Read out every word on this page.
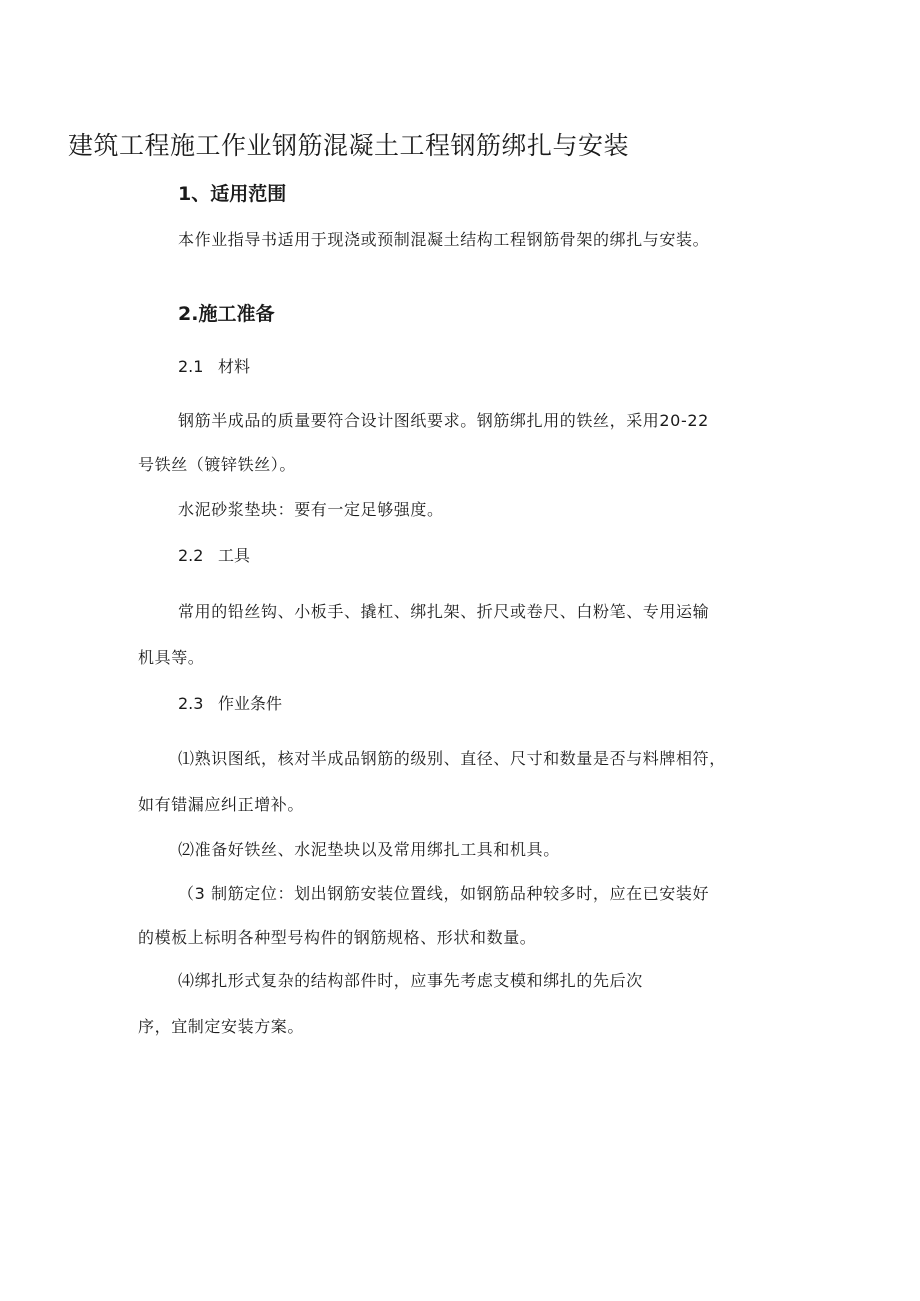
建筑工程施工作业钢筋混凝土工程钢筋绑扎与安装
1、适用范围
本作业指导书适用于现浇或预制混凝土结构工程钢筋骨架的绑扎与安装。
2.施工准备
2.1 材料
钢筋半成品的质量要符合设计图纸要求。钢筋绑扎用的铁丝，采用20-22
号铁丝（镀锌铁丝）。
水泥砂浆垫块：要有一定足够强度。
2.2 工具
常用的铅丝钩、小板手、撬杠、绑扎架、折尺或卷尺、白粉笔、专用运输
机具等。
2.3 作业条件
⑴熟识图纸，核对半成品钢筋的级别、直径、尺寸和数量是否与料牌相符，
如有错漏应纠正增补。
⑵准备好铁丝、水泥垫块以及常用绑扎工具和机具。
（3 制筋定位：划出钢筋安装位置线，如钢筋品种较多时，应在已安装好
的模板上标明各种型号构件的钢筋规格、形状和数量。
⑷绑扎形式复杂的结构部件时，应事先考虑支模和绑扎的先后次
序，宜制定安装方案。
